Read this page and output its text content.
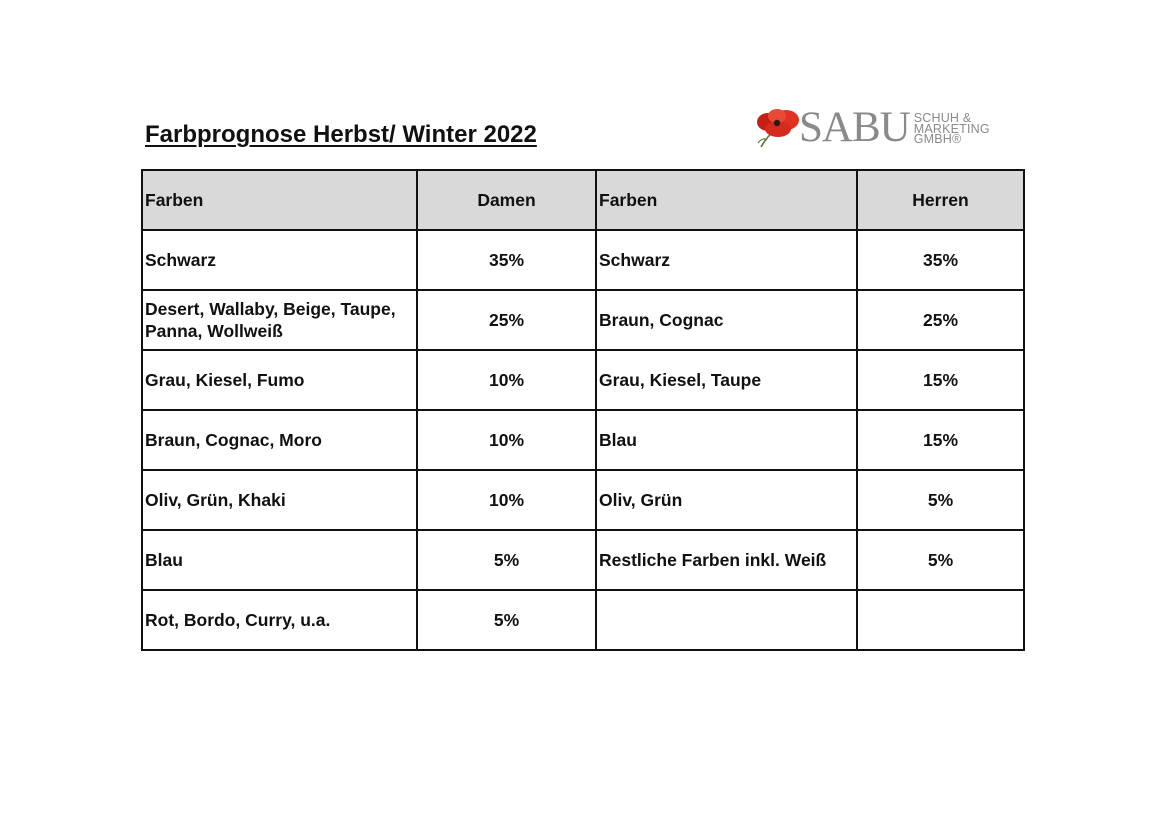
Farbprognose Herbst/ Winter 2022	SABU SCHUH &
MARKETING
GMBH®
Farben	Damen	Farben	Herren
Schwarz	35%	Schwarz	35%
Desert, Wallaby, Beige, Taupe, Panna, Wollweiß	25%	Braun, Cognac	25%
Grau, Kiesel, Fumo	10%	Grau, Kiesel, Taupe	15%
Braun, Cognac, Moro	10%	Blau	15%
Oliv, Grün, Khaki	10%	Oliv, Grün	5%
Blau	5%	Restliche Farben inkl. Weiß	5%
Rot, Bordo, Curry, u.a.	5%		
